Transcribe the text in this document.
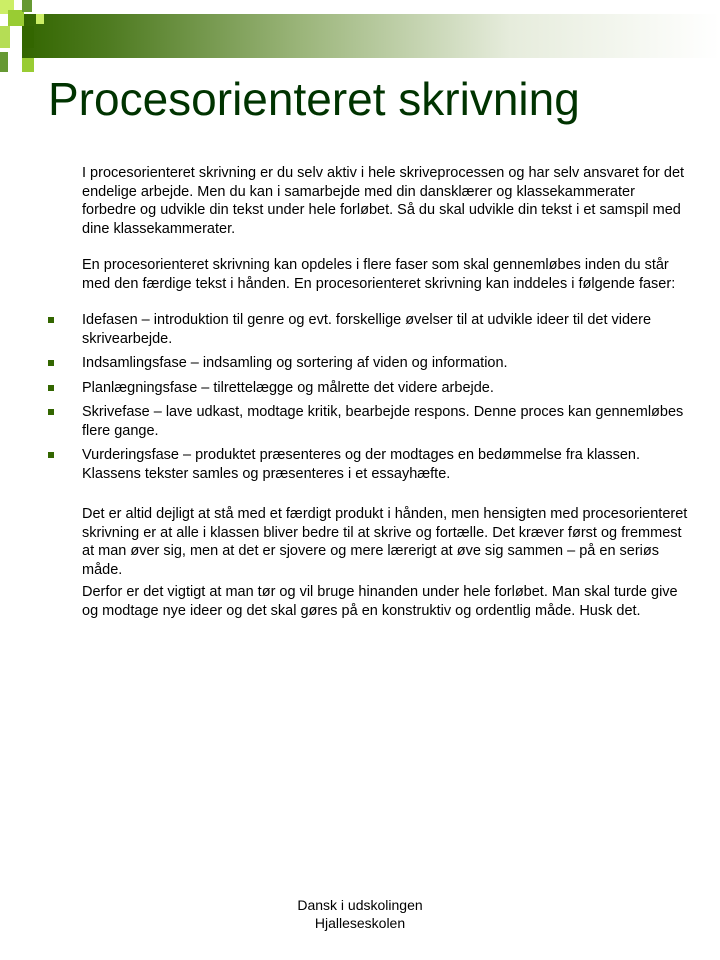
Procesorienteret skrivning

I procesorienteret skrivning er du selv aktiv i hele skriveprocessen og har selv ansvaret for det endelige arbejde. Men du kan i samarbejde med din dansklærer og klassekammerater forbedre og udvikle din tekst under hele forløbet. Så du skal udvikle din tekst i et samspil med dine klassekammerater.

En procesorienteret skrivning kan opdeles i flere faser som skal gennemløbes inden du står med den færdige tekst i hånden. En procesorienteret skrivning kan inddeles i følgende faser:

Idefasen – introduktion til genre og evt. forskellige øvelser til at udvikle ideer til det videre skrivearbejde.
Indsamlingsfase – indsamling og sortering af viden og information.
Planlægningsfase – tilrettelægge og målrette det videre arbejde.
Skrivefase – lave udkast, modtage kritik, bearbejde respons. Denne proces kan gennemløbes flere gange.
Vurderingsfase – produktet præsenteres og der modtages en bedømmelse fra klassen. Klassens tekster samles og præsenteres i et essayhæfte.

Det er altid dejligt at stå med et færdigt produkt i hånden, men hensigten med procesorienteret skrivning er at alle i klassen bliver bedre til at skrive og fortælle. Det kræver først og fremmest at man øver sig, men at det er sjovere og mere lærerigt at øve sig sammen – på en seriøs måde.

Derfor er det vigtigt at man tør og vil bruge hinanden under hele forløbet. Man skal turde give og modtage nye ideer og det skal gøres på en konstruktiv og ordentlig måde. Husk det.

Dansk i udskolingen
Hjalleseskolen
